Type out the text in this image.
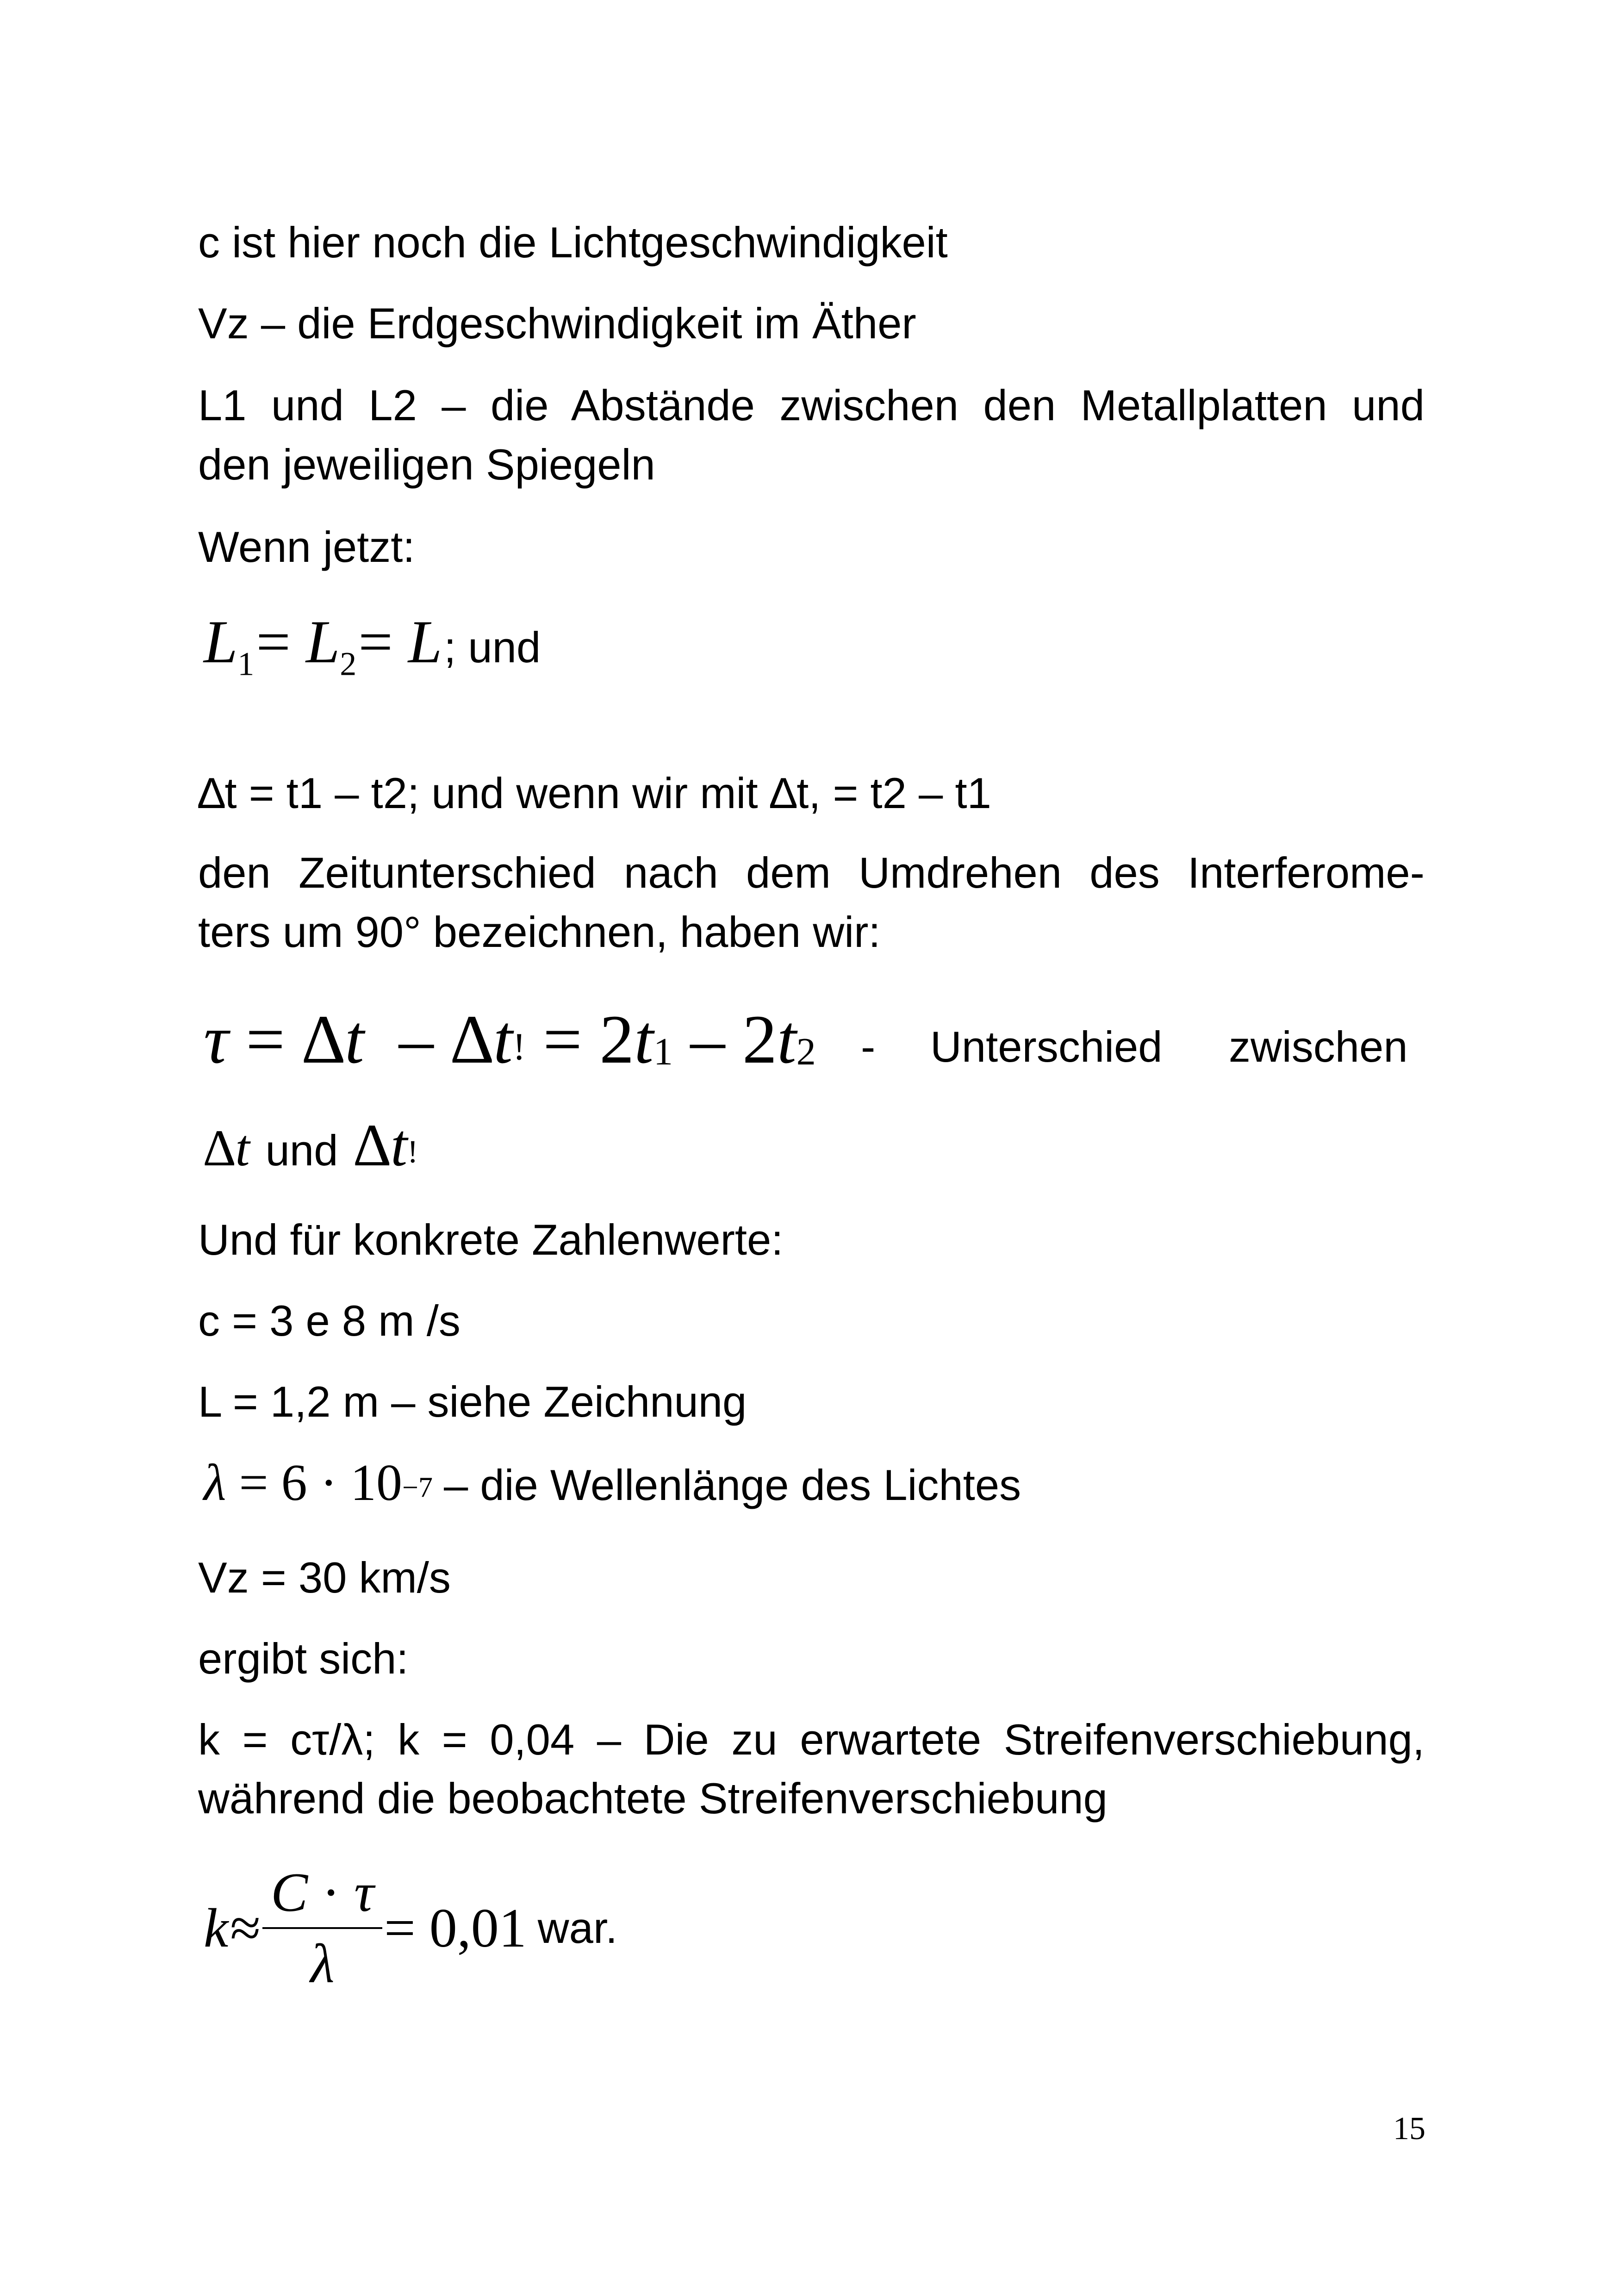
c ist hier noch die Lichtgeschwindigkeit
Vz – die Erdgeschwindigkeit im Äther
L1 und L2 – die Abstände zwischen den Metallplatten und
den jeweiligen Spiegeln
Wenn jetzt:
$L_1 = L_2 = L$ ; und
∆t = t1 – t2; und wenn wir mit ∆t, = t2 – t1
den Zeitunterschied nach dem Umdrehen des Interferome-
ters um 90° bezeichnen, haben wir:
$\tau = \Delta t - \Delta t^! = 2t_1 - 2t_2$ - Unterschied zwischen
∆t und ∆t!
Und für konkrete Zahlenwerte:
c = 3 e 8 m /s
L = 1,2 m – siehe Zeichnung
$\lambda = 6 \cdot 10^{-7}$ – die Wellenlänge des Lichtes
Vz = 30 km/s
ergibt sich:
k = cτ/λ; k = 0,04 – Die zu erwartete Streifenverschiebung,
während die beobachtete Streifenverschiebung
$k \approx \frac{C \cdot \tau}{\lambda} = 0,01$ war.
15
